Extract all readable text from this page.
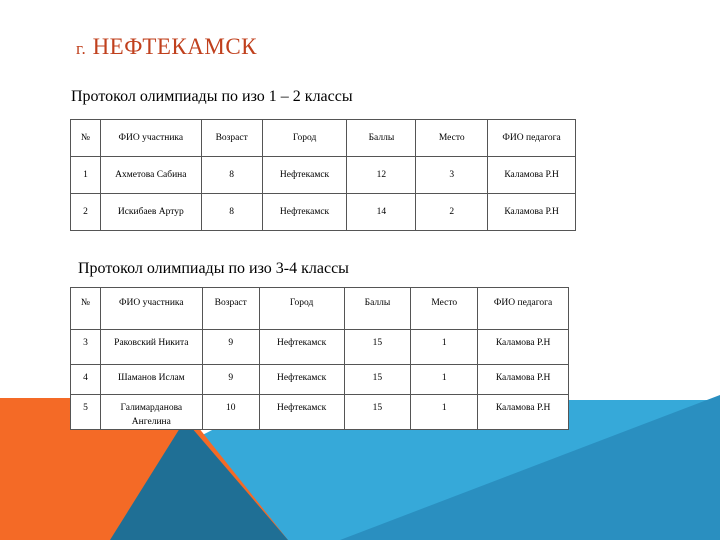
г. НЕФТЕКАМСК
Протокол олимпиады по изо 1 – 2 классы
№	ФИО участника	Возраст	Город	Баллы	Место	ФИО педагога
1	Ахметова Сабина	8	Нефтекамск	12	3	Каламова Р.Н
2	Искибаев Артур	8	Нефтекамск	14	2	Каламова Р.Н
Протокол олимпиады по изо 3-4 классы
№	ФИО участника	Возраст	Город	Баллы	Место	ФИО педагога
3	Раковский Никита	9	Нефтекамск	15	1	Каламова Р.Н
4	Шаманов Ислам	9	Нефтекамск	15	1	Каламова Р.Н
5	Галимарданова Ангелина	10	Нефтекамск	15	1	Каламова Р.Н
